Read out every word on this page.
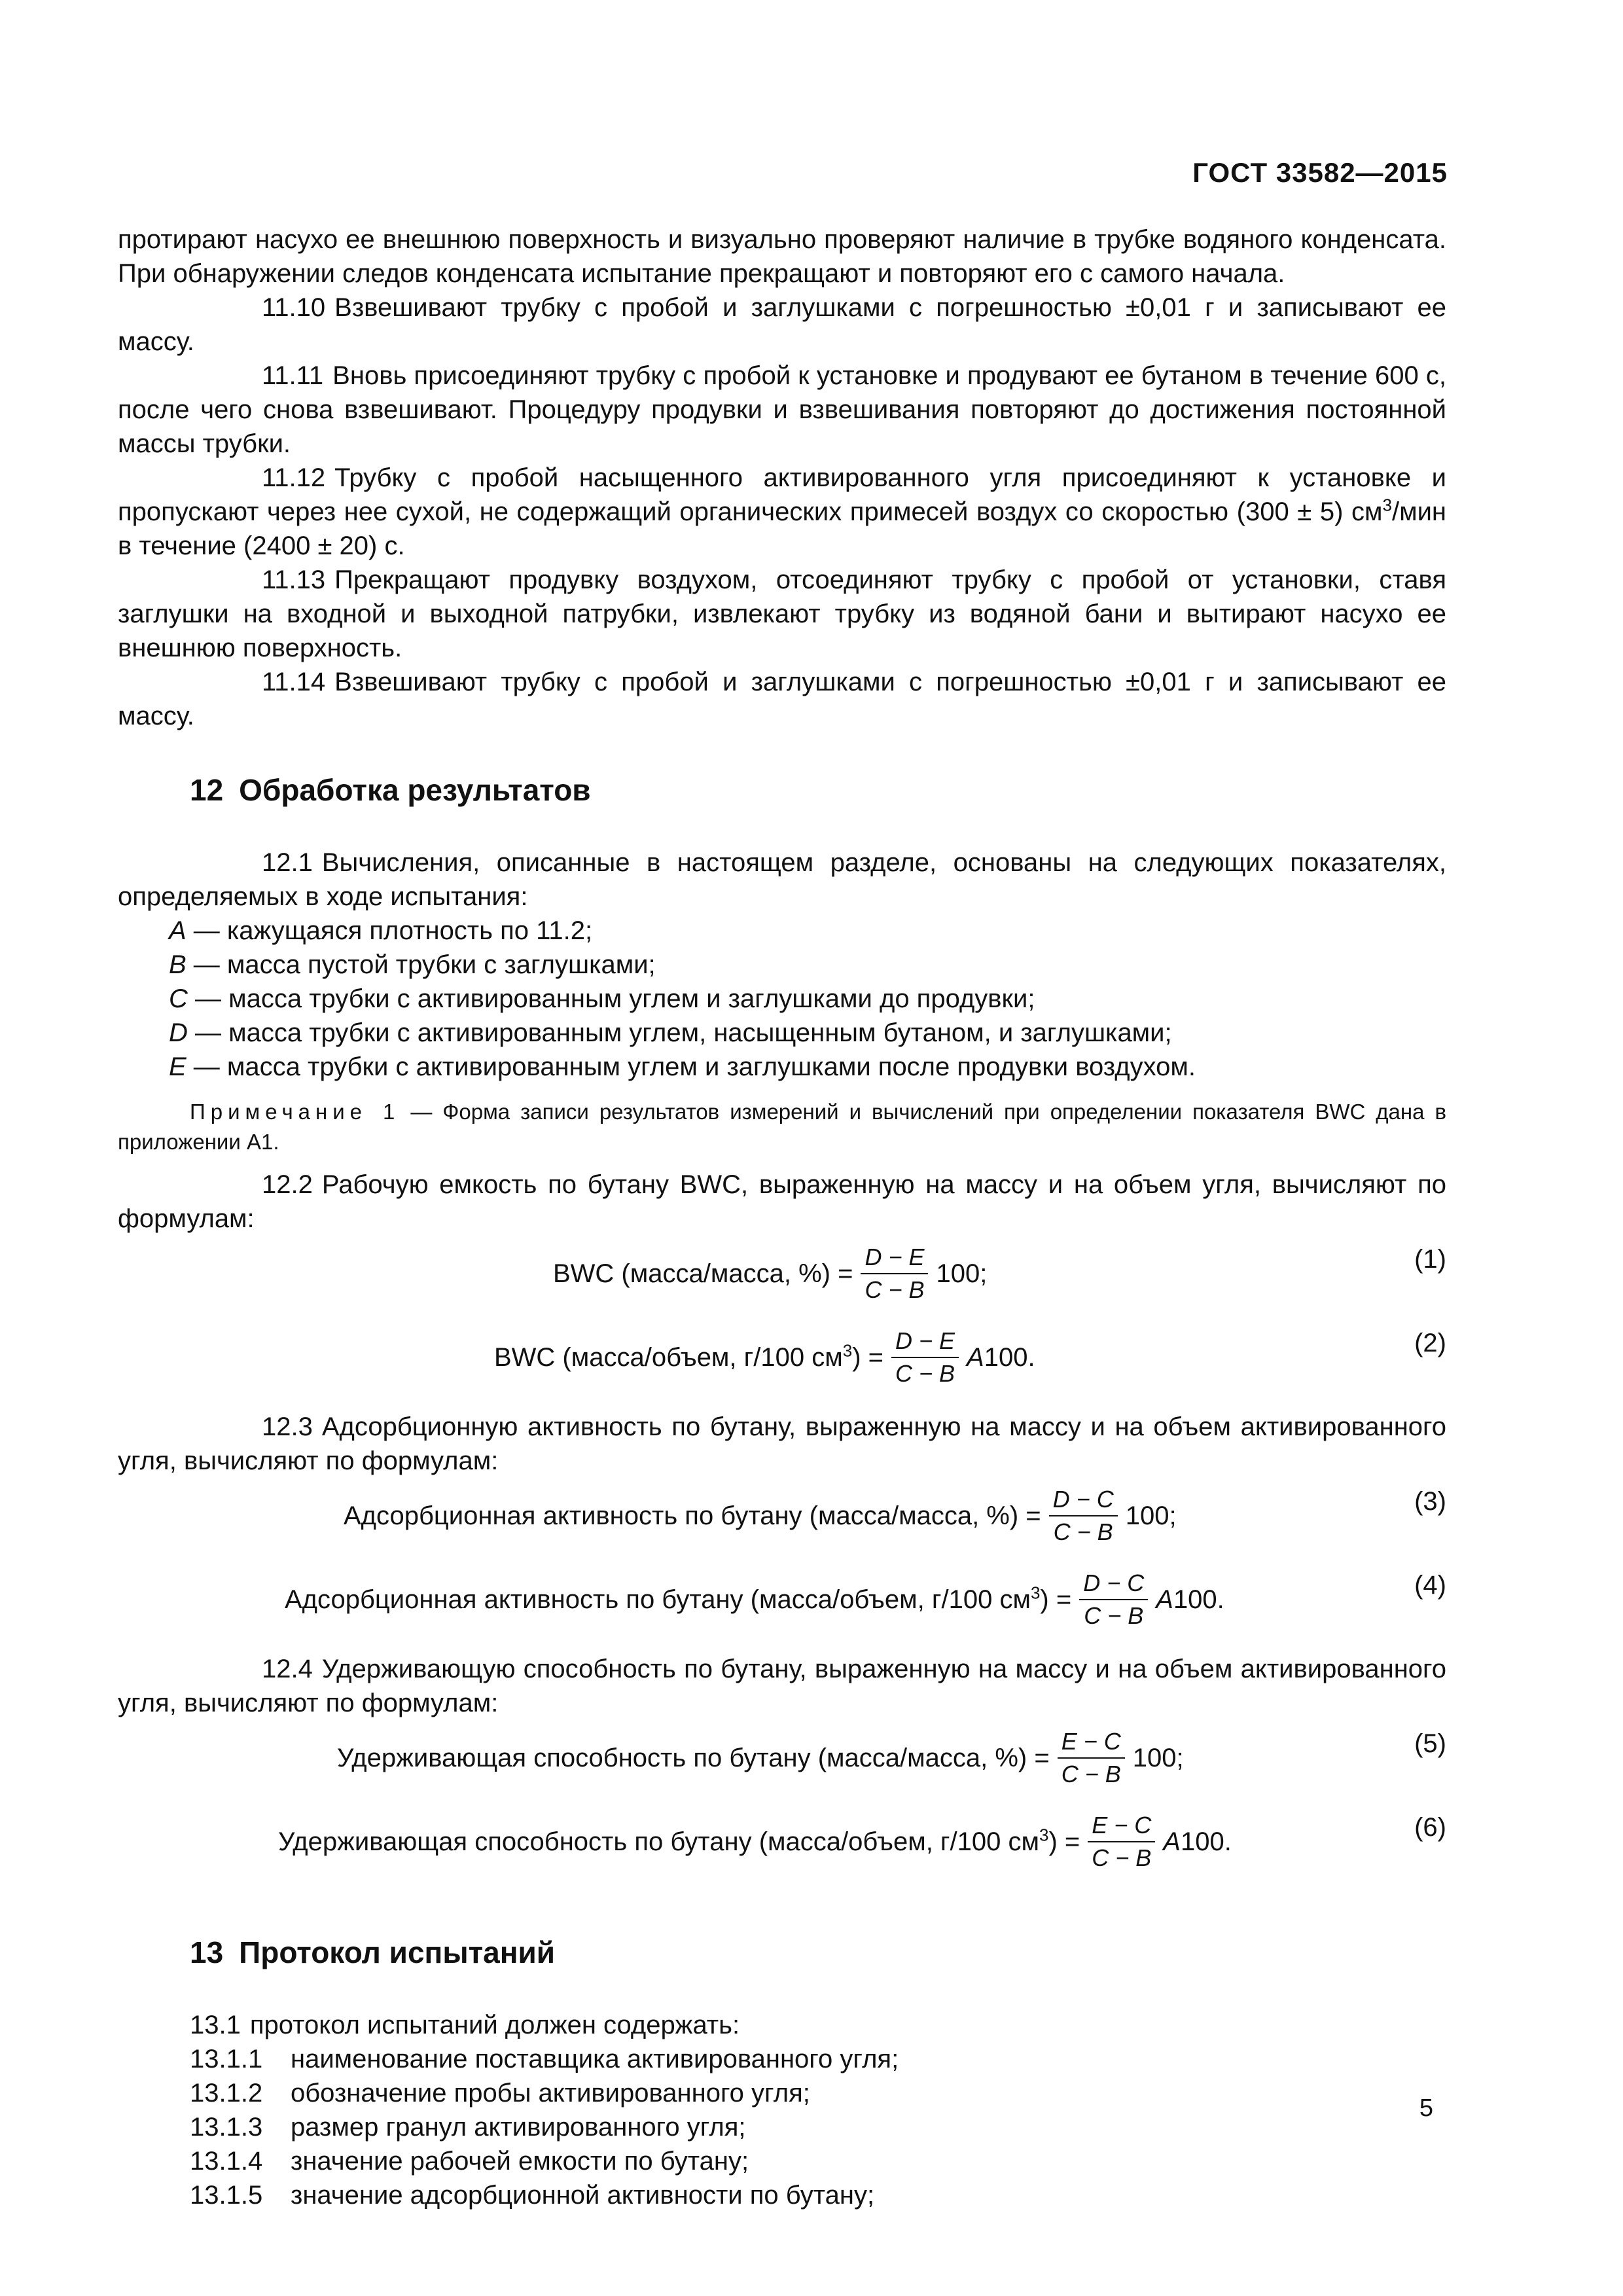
ГОСТ 33582—2015

протирают насухо ее внешнюю поверхность и визуально проверяют наличие в трубке водяного конденсата. При обнаружении следов конденсата испытание прекращают и повторяют его с самого начала.

11.10 Взвешивают трубку с пробой и заглушками с погрешностью ±0,01 г и записывают ее массу.

11.11 Вновь присоединяют трубку с пробой к установке и продувают ее бутаном в течение 600 с, после чего снова взвешивают. Процедуру продувки и взвешивания повторяют до достижения постоянной массы трубки.

11.12 Трубку с пробой насыщенного активированного угля присоединяют к установке и пропускают через нее сухой, не содержащий органических примесей воздух со скоростью (300 ± 5) $см^3$/мин в течение (2400 ± 20) с.

11.13 Прекращают продувку воздухом, отсоединяют трубку с пробой от установки, ставя заглушки на входной и выходной патрубки, извлекают трубку из водяной бани и вытирают насухо ее внешнюю поверхность.

11.14 Взвешивают трубку с пробой и заглушками с погрешностью ±0,01 г и записывают ее массу.

12 Обработка результатов

12.1 Вычисления, описанные в настоящем разделе, основаны на следующих показателях, определяемых в ходе испытания:

A — кажущаяся плотность по 11.2;

B — масса пустой трубки с заглушками;

C — масса трубки с активированным углем и заглушками до продувки;

D — масса трубки с активированным углем, насыщенным бутаном, и заглушками;

E — масса трубки с активированным углем и заглушками после продувки воздухом.

Примечание 1 — Форма записи результатов измерений и вычислений при определении показателя BWC дана в приложении А1.

12.2 Рабочую емкость по бутану BWC, выраженную на массу и на объем угля, вычисляют по формулам:

BWC (масса/масса, %) = $\frac{D - E}{C - B} 100$;	(1)
BWC (масса/объем, г/100 $см^3) = \frac{D - E}{C - B}$ A 100.	(2)

12.3 Адсорбционную активность по бутану, выраженную на массу и на объем активированного угля, вычисляют по формулам:

Адсорбционная активность по бутану (масса/масса, %) = $\frac{D - C}{C - B} 100$;	(3)
Адсорбционная активность по бутану (масса/объем, г/100 $см^3) = \frac{D - C}{C - B}$ A 100.	(4)

12.4 Удерживающую способность по бутану, выраженную на массу и на объем активированного угля, вычисляют по формулам:

Удерживающая способность по бутану (масса/масса, %) = $\frac{E - C}{C - B} 100$;	(5)
Удерживающая способность по бутану (масса/объем, г/100 $см^3) = \frac{E - C}{C - B}$ A 100.	(6)
13 Протокол испытаний

13.1 протокол испытаний должен содержать:

13.1.1	наименование поставщика активированного угля;

13.1.2	обозначение пробы активированного угля;

13.1.3	размер гранул активированного угля;

13.1.4	значение рабочей емкости по бутану;

13.1.5	значение адсорбционной активности по бутану;

5
